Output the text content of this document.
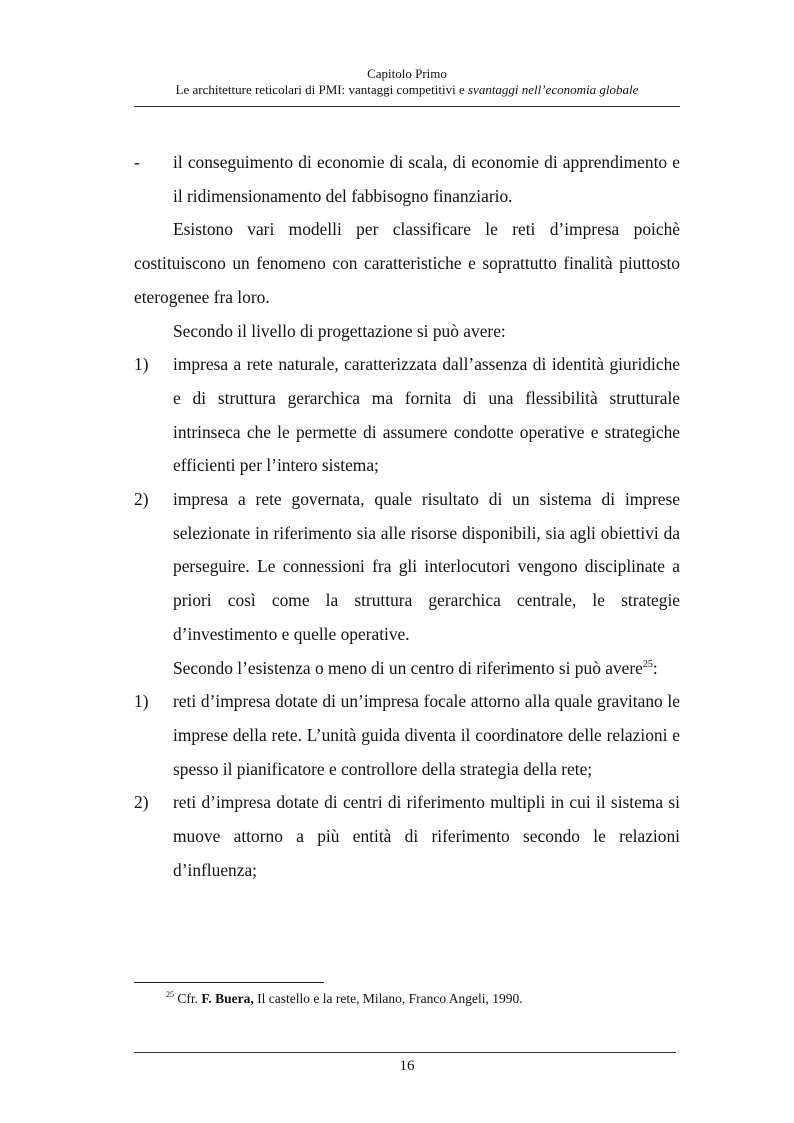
Capitolo Primo
Le architetture reticolari di PMI: vantaggi competitivi e svantaggi nell’economia globale

- il conseguimento di economie di scala, di economie di apprendimento e il ridimensionamento del fabbisogno finanziario.

Esistono vari modelli per classificare le reti d’impresa poichè costituiscono un fenomeno con caratteristiche e soprattutto finalità piuttosto eterogenee fra loro.

Secondo il livello di progettazione si può avere:

1) impresa a rete naturale, caratterizzata dall’assenza di identità giuridiche e di struttura gerarchica ma fornita di una flessibilità strutturale intrinseca che le permette di assumere condotte operative e strategiche efficienti per l’intero sistema;

2) impresa a rete governata, quale risultato di un sistema di imprese selezionate in riferimento sia alle risorse disponibili, sia agli obiettivi da perseguire. Le connessioni fra gli interlocutori vengono disciplinate a priori così come la struttura gerarchica centrale, le strategie d’investimento e quelle operative.

Secondo l’esistenza o meno di un centro di riferimento si può avere$^{25}$:

1) reti d’impresa dotate di un’impresa focale attorno alla quale gravitano le imprese della rete. L’unità guida diventa il coordinatore delle relazioni e spesso il pianificatore e controllore della strategia della rete;

2) reti d’impresa dotate di centri di riferimento multipli in cui il sistema si muove attorno a più entità di riferimento secondo le relazioni d’influenza;

$^{25}$ Cfr. F. Buera, Il castello e la rete, Milano, Franco Angeli, 1990.
16
